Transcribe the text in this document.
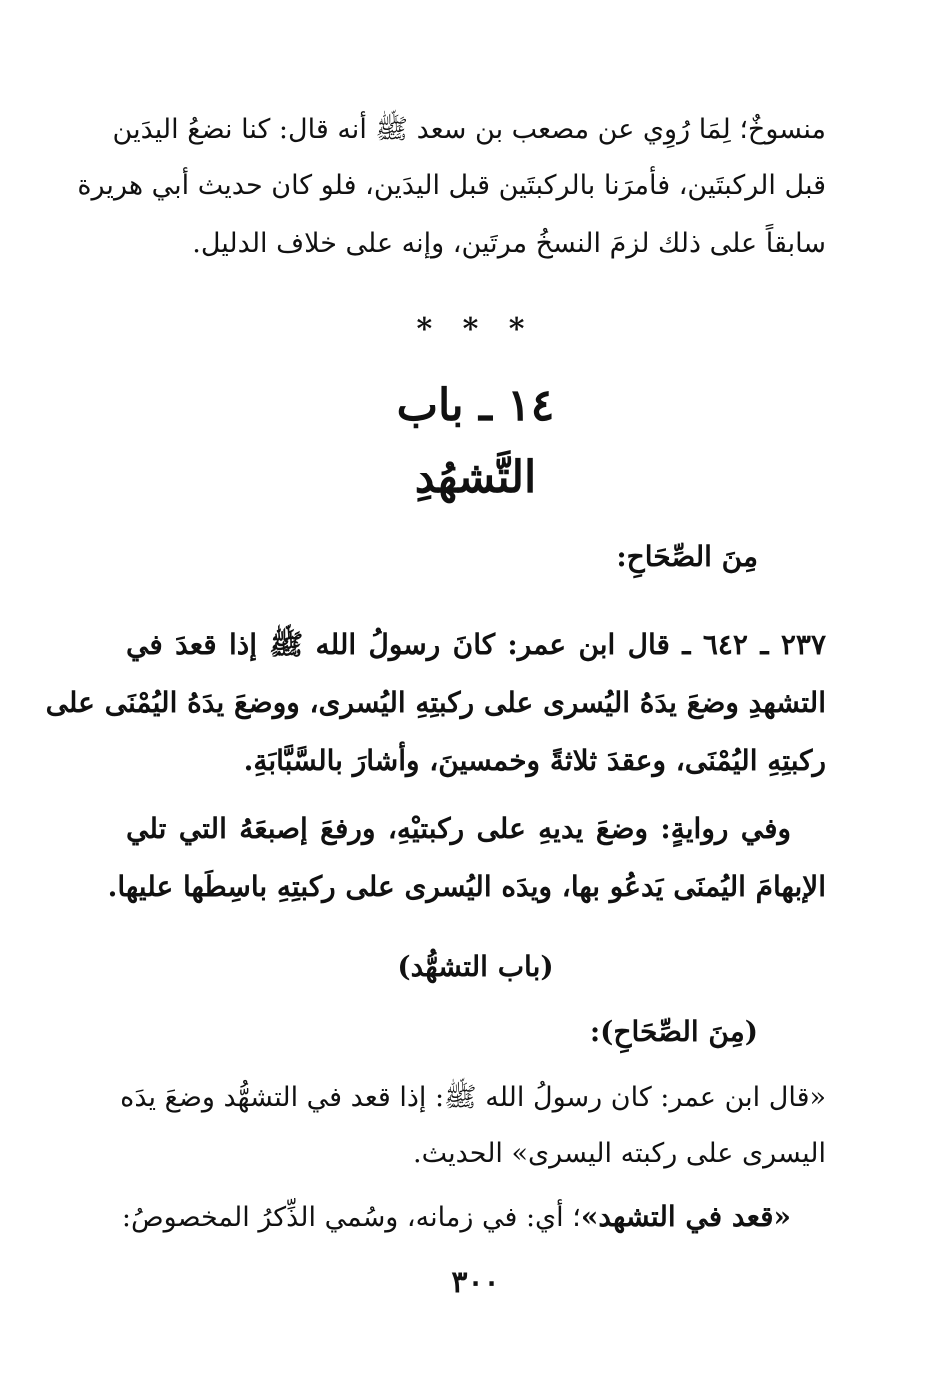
منسوخٌ؛ لِمَا رُوِي عن مصعب بن سعد ﷺ أنه قال: كنا نضعُ اليدَين
قبل الركبتَين، فأمرَنا بالركبتَين قبل اليدَين، فلو كان حديث أبي هريرة
سابقاً على ذلك لزمَ النسخُ مرتَين، وإنه على خلاف الدليل.
* * *
١٤ ـ باب
التَّشهُدِ
مِنَ الصِّحَاحِ:
٢٣٧ ـ ٦٤٢ ـ قال ابن عمر: كانَ رسولُ الله ﷺ إذا قعدَ في
التشهدِ وضعَ يدَهُ اليُسرى على ركبتِهِ اليُسرى، ووضعَ يدَهُ اليُمْنَى على
ركبتِهِ اليُمْنَى، وعقدَ ثلاثةً وخمسينَ، وأشارَ بالسَّبَّابَةِ.
وفي روايةٍ: وضعَ يديهِ على ركبتيْهِ، ورفعَ إصبعَهُ التي تلي
الإبهامَ اليُمنَى يَدعُو بها، ويدَه اليُسرى على ركبتِهِ باسِطَها عليها.
(باب التشهُّد)
(مِنَ الصِّحَاحِ):
«قال ابن عمر: كان رسولُ الله ﷺ: إذا قعد في التشهُّد وضعَ يدَه
اليسرى على ركبته اليسرى» الحديث.
«قعد في التشهد»؛ أي: في زمانه، وسُمي الذِّكرُ المخصوصُ:
٣٠٠
